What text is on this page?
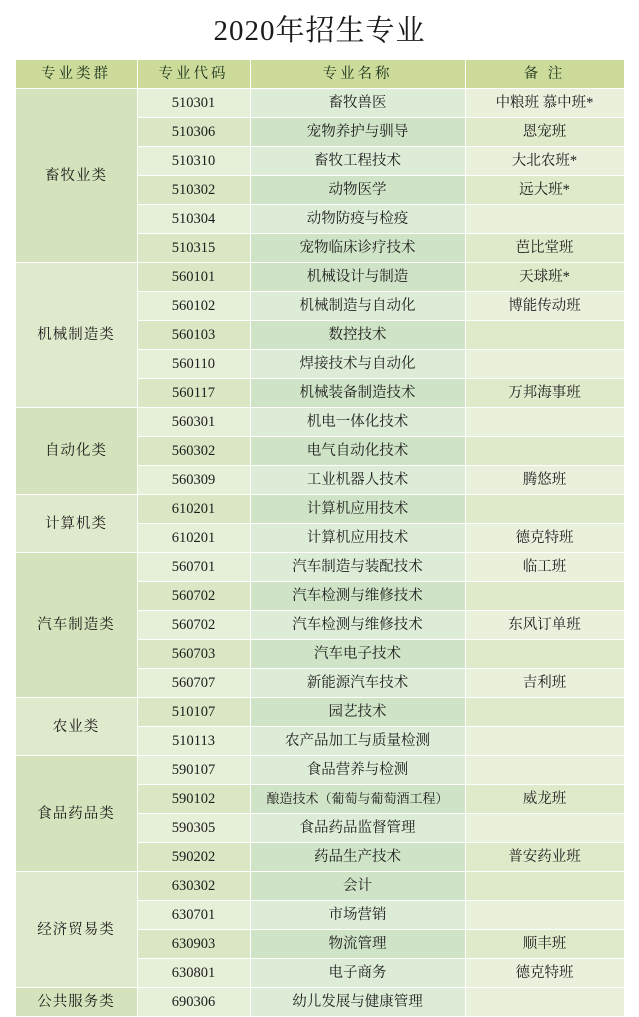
2020年招生专业
专业类群	专业代码	专业名称	备 注
畜牧业类	510301	畜牧兽医	中粮班 慕中班*
	510306	宠物养护与驯导	恩宠班
	510310	畜牧工程技术	大北农班*
	510302	动物医学	远大班*
	510304	动物防疫与检疫	
	510315	宠物临床诊疗技术	芭比堂班
机械制造类	560101	机械设计与制造	天球班*
	560102	机械制造与自动化	博能传动班
	560103	数控技术	
	560110	焊接技术与自动化	
	560117	机械装备制造技术	万邦海事班
自动化类	560301	机电一体化技术	
	560302	电气自动化技术	
	560309	工业机器人技术	腾悠班
计算机类	610201	计算机应用技术	
	610201	计算机应用技术	德克特班
汽车制造类	560701	汽车制造与装配技术	临工班
	560702	汽车检测与维修技术	
	560702	汽车检测与维修技术	东风订单班
	560703	汽车电子技术	
	560707	新能源汽车技术	吉利班
农业类	510107	园艺技术	
	510113	农产品加工与质量检测	
食品药品类	590107	食品营养与检测	
	590102	酿造技术（葡萄与葡萄酒工程）	威龙班
	590305	食品药品监督管理	
	590202	药品生产技术	普安药业班
经济贸易类	630302	会计	
	630701	市场营销	
	630903	物流管理	顺丰班
	630801	电子商务	德克特班
公共服务类	690306	幼儿发展与健康管理	
